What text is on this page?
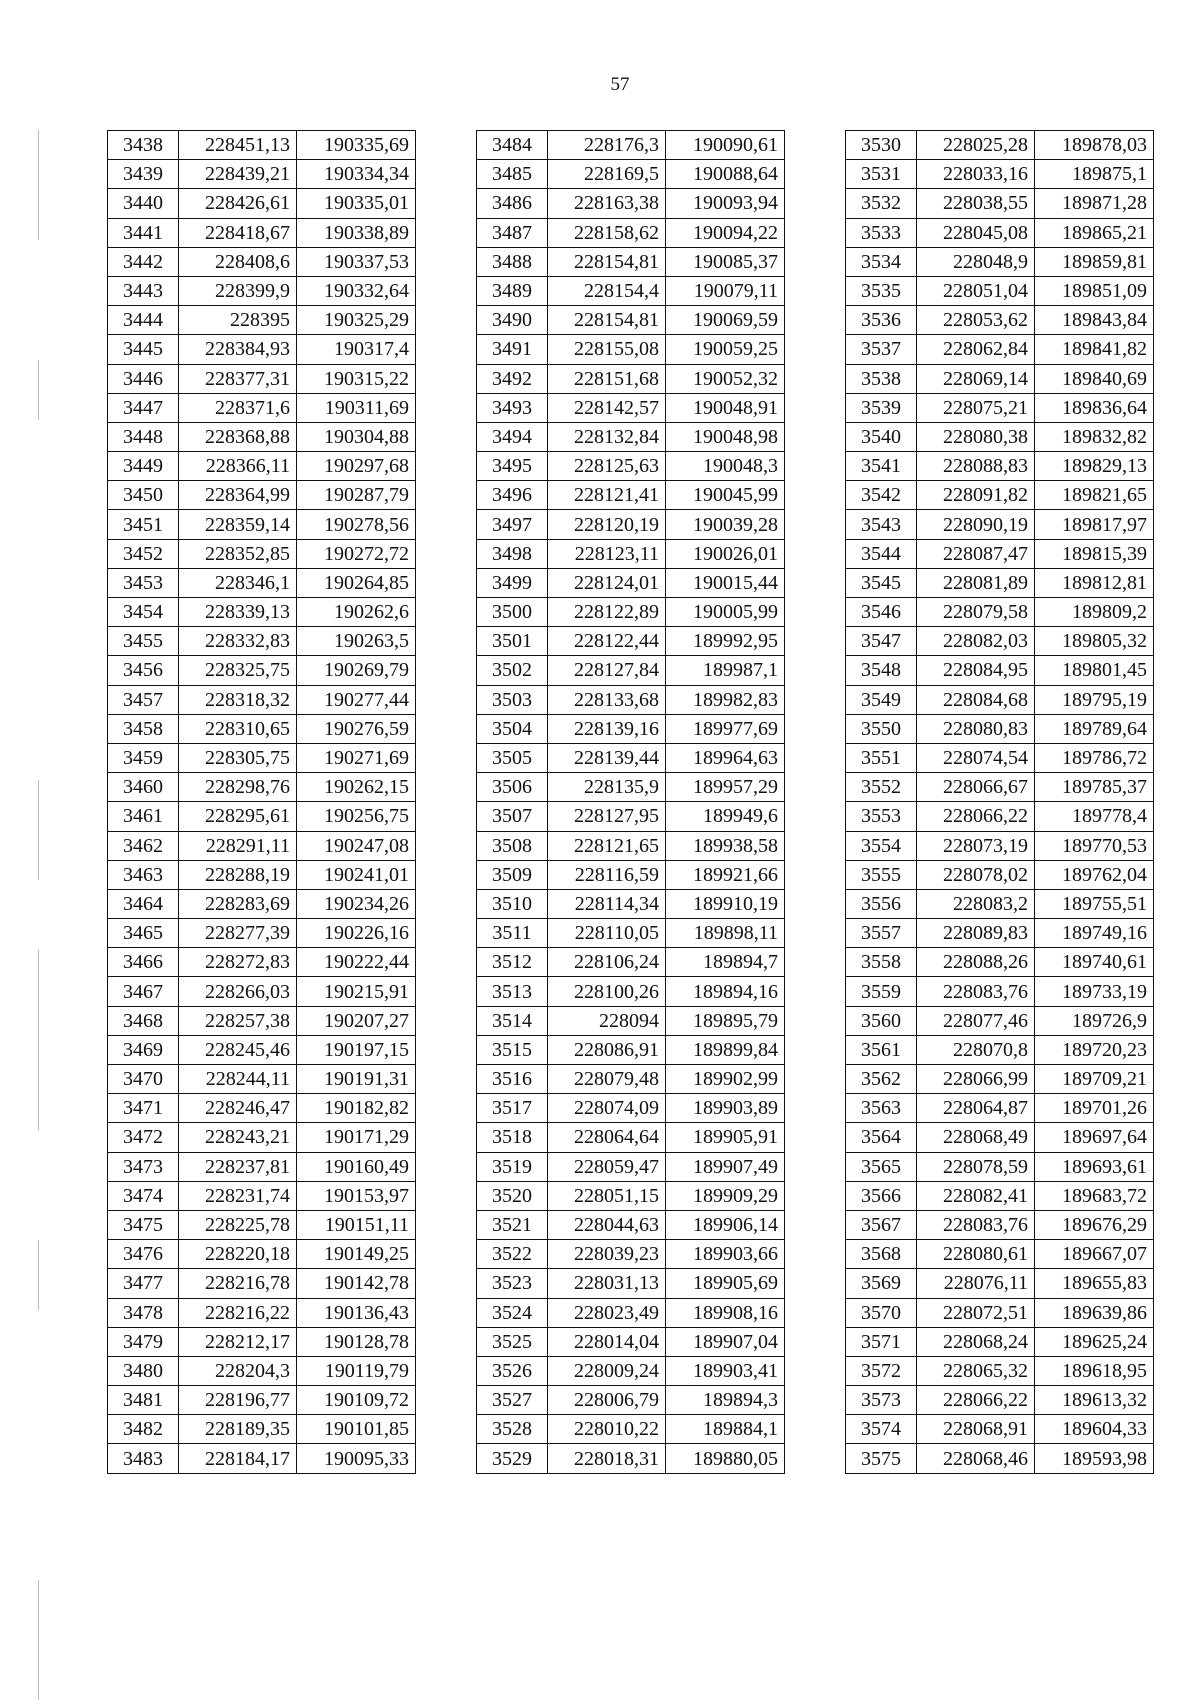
57
3438	228451,13	190335,69
3439	228439,21	190334,34
3440	228426,61	190335,01
3441	228418,67	190338,89
3442	228408,6	190337,53
3443	228399,9	190332,64
3444	228395	190325,29
3445	228384,93	190317,4
3446	228377,31	190315,22
3447	228371,6	190311,69
3448	228368,88	190304,88
3449	228366,11	190297,68
3450	228364,99	190287,79
3451	228359,14	190278,56
3452	228352,85	190272,72
3453	228346,1	190264,85
3454	228339,13	190262,6
3455	228332,83	190263,5
3456	228325,75	190269,79
3457	228318,32	190277,44
3458	228310,65	190276,59
3459	228305,75	190271,69
3460	228298,76	190262,15
3461	228295,61	190256,75
3462	228291,11	190247,08
3463	228288,19	190241,01
3464	228283,69	190234,26
3465	228277,39	190226,16
3466	228272,83	190222,44
3467	228266,03	190215,91
3468	228257,38	190207,27
3469	228245,46	190197,15
3470	228244,11	190191,31
3471	228246,47	190182,82
3472	228243,21	190171,29
3473	228237,81	190160,49
3474	228231,74	190153,97
3475	228225,78	190151,11
3476	228220,18	190149,25
3477	228216,78	190142,78
3478	228216,22	190136,43
3479	228212,17	190128,78
3480	228204,3	190119,79
3481	228196,77	190109,72
3482	228189,35	190101,85
3483	228184,17	190095,33
3484	228176,3	190090,61
3485	228169,5	190088,64
3486	228163,38	190093,94
3487	228158,62	190094,22
3488	228154,81	190085,37
3489	228154,4	190079,11
3490	228154,81	190069,59
3491	228155,08	190059,25
3492	228151,68	190052,32
3493	228142,57	190048,91
3494	228132,84	190048,98
3495	228125,63	190048,3
3496	228121,41	190045,99
3497	228120,19	190039,28
3498	228123,11	190026,01
3499	228124,01	190015,44
3500	228122,89	190005,99
3501	228122,44	189992,95
3502	228127,84	189987,1
3503	228133,68	189982,83
3504	228139,16	189977,69
3505	228139,44	189964,63
3506	228135,9	189957,29
3507	228127,95	189949,6
3508	228121,65	189938,58
3509	228116,59	189921,66
3510	228114,34	189910,19
3511	228110,05	189898,11
3512	228106,24	189894,7
3513	228100,26	189894,16
3514	228094	189895,79
3515	228086,91	189899,84
3516	228079,48	189902,99
3517	228074,09	189903,89
3518	228064,64	189905,91
3519	228059,47	189907,49
3520	228051,15	189909,29
3521	228044,63	189906,14
3522	228039,23	189903,66
3523	228031,13	189905,69
3524	228023,49	189908,16
3525	228014,04	189907,04
3526	228009,24	189903,41
3527	228006,79	189894,3
3528	228010,22	189884,1
3529	228018,31	189880,05
3530	228025,28	189878,03
3531	228033,16	189875,1
3532	228038,55	189871,28
3533	228045,08	189865,21
3534	228048,9	189859,81
3535	228051,04	189851,09
3536	228053,62	189843,84
3537	228062,84	189841,82
3538	228069,14	189840,69
3539	228075,21	189836,64
3540	228080,38	189832,82
3541	228088,83	189829,13
3542	228091,82	189821,65
3543	228090,19	189817,97
3544	228087,47	189815,39
3545	228081,89	189812,81
3546	228079,58	189809,2
3547	228082,03	189805,32
3548	228084,95	189801,45
3549	228084,68	189795,19
3550	228080,83	189789,64
3551	228074,54	189786,72
3552	228066,67	189785,37
3553	228066,22	189778,4
3554	228073,19	189770,53
3555	228078,02	189762,04
3556	228083,2	189755,51
3557	228089,83	189749,16
3558	228088,26	189740,61
3559	228083,76	189733,19
3560	228077,46	189726,9
3561	228070,8	189720,23
3562	228066,99	189709,21
3563	228064,87	189701,26
3564	228068,49	189697,64
3565	228078,59	189693,61
3566	228082,41	189683,72
3567	228083,76	189676,29
3568	228080,61	189667,07
3569	228076,11	189655,83
3570	228072,51	189639,86
3571	228068,24	189625,24
3572	228065,32	189618,95
3573	228066,22	189613,32
3574	228068,91	189604,33
3575	228068,46	189593,98
